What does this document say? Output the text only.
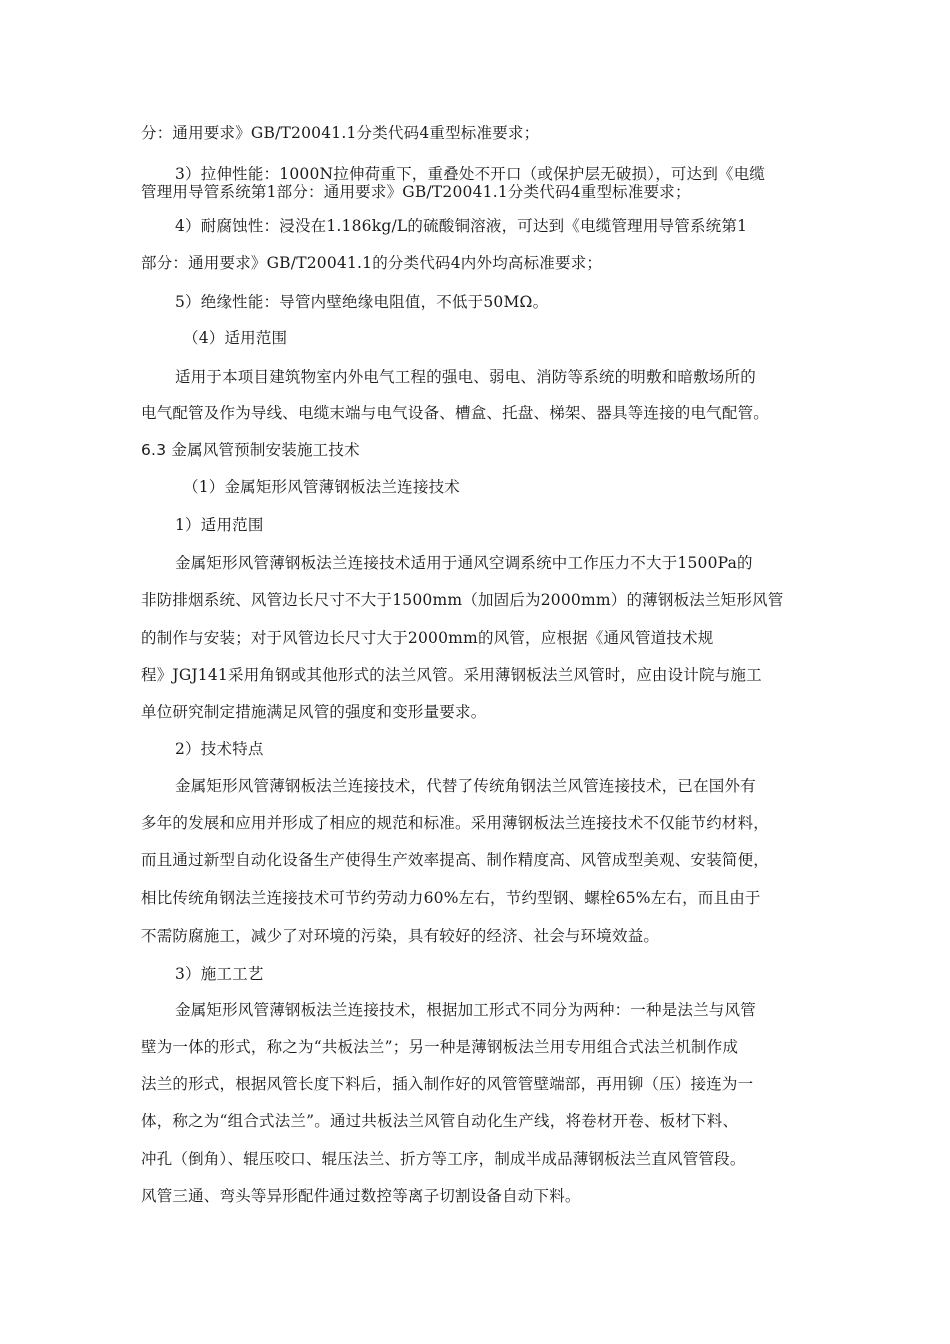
分：通用要求》GB/T20041.1分类代码4重型标准要求；
3）拉伸性能：1000N拉伸荷重下，重叠处不开口（或保护层无破损），可达到《电缆
管理用导管系统第1部分：通用要求》GB/T20041.1分类代码4重型标准要求；
4）耐腐蚀性：浸没在1.186kg/L的硫酸铜溶液，可达到《电缆管理用导管系统第1
部分：通用要求》GB/T20041.1的分类代码4内外均高标准要求；
5）绝缘性能：导管内壁绝缘电阻值，不低于50MΩ。
（4）适用范围
适用于本项目建筑物室内外电气工程的强电、弱电、消防等系统的明敷和暗敷场所的
电气配管及作为导线、电缆末端与电气设备、槽盒、托盘、梯架、器具等连接的电气配管。
6.3 金属风管预制安装施工技术
（1）金属矩形风管薄钢板法兰连接技术
1）适用范围
金属矩形风管薄钢板法兰连接技术适用于通风空调系统中工作压力不大于1500Pa的
非防排烟系统、风管边长尺寸不大于1500mm（加固后为2000mm）的薄钢板法兰矩形风管
的制作与安装；对于风管边长尺寸大于2000mm的风管，应根据《通风管道技术规
程》JGJ141采用角钢或其他形式的法兰风管。采用薄钢板法兰风管时，应由设计院与施工
单位研究制定措施满足风管的强度和变形量要求。
2）技术特点
金属矩形风管薄钢板法兰连接技术，代替了传统角钢法兰风管连接技术，已在国外有
多年的发展和应用并形成了相应的规范和标准。采用薄钢板法兰连接技术不仅能节约材料，
而且通过新型自动化设备生产使得生产效率提高、制作精度高、风管成型美观、安装简便，
相比传统角钢法兰连接技术可节约劳动力60%左右，节约型钢、螺栓65%左右，而且由于
不需防腐施工，减少了对环境的污染，具有较好的经济、社会与环境效益。
3）施工工艺
金属矩形风管薄钢板法兰连接技术，根据加工形式不同分为两种：一种是法兰与风管
壁为一体的形式，称之为“共板法兰”；另一种是薄钢板法兰用专用组合式法兰机制作成
法兰的形式，根据风管长度下料后，插入制作好的风管管壁端部，再用铆（压）接连为一
体，称之为“组合式法兰”。通过共板法兰风管自动化生产线，将卷材开卷、板材下料、
冲孔（倒角）、辊压咬口、辊压法兰、折方等工序，制成半成品薄钢板法兰直风管管段。
风管三通、弯头等异形配件通过数控等离子切割设备自动下料。
